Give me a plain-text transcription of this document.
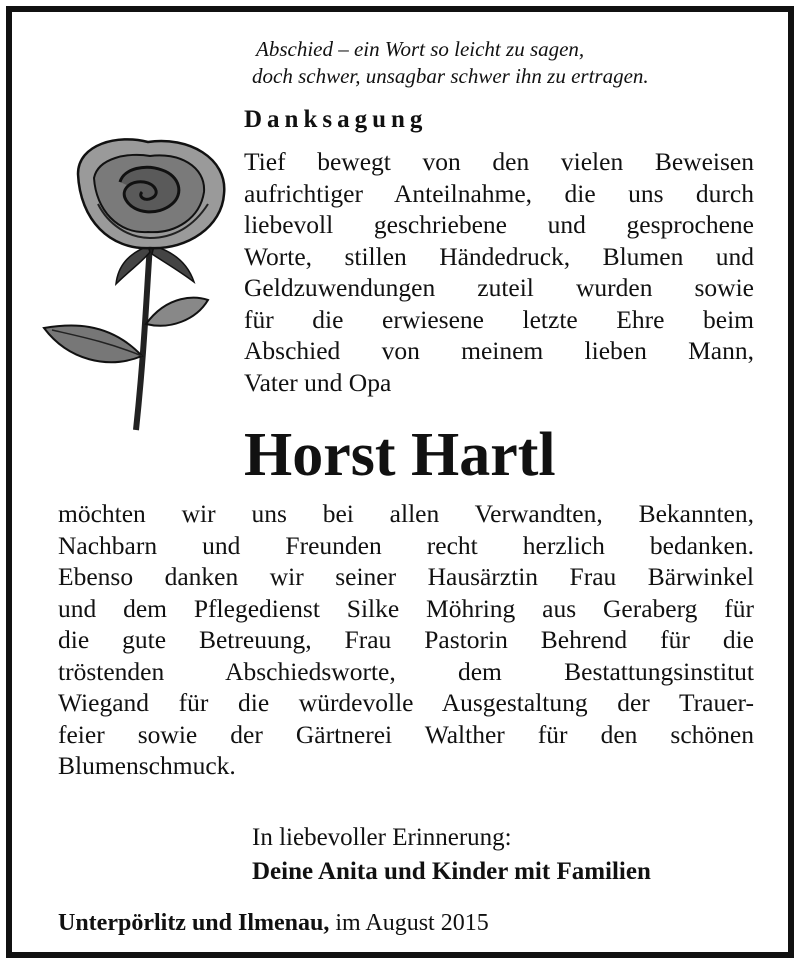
Abschied – ein Wort so leicht zu sagen,
doch schwer, unsagbar schwer ihn zu ertragen.
Danksagung
Tief bewegt von den vielen Beweisen
aufrichtiger Anteilnahme, die uns durch
liebevoll geschriebene und gesprochene
Worte, stillen Händedruck, Blumen und
Geldzuwendungen zuteil wurden sowie
für die erwiesene letzte Ehre beim
Abschied von meinem lieben Mann,
Vater und Opa
Horst Hartl
möchten wir uns bei allen Verwandten, Bekannten,
Nachbarn und Freunden recht herzlich bedanken.
Ebenso danken wir seiner Hausärztin Frau Bärwinkel
und dem Pflegedienst Silke Möhring aus Geraberg für
die gute Betreuung, Frau Pastorin Behrend für die
tröstenden Abschiedsworte, dem Bestattungsinstitut
Wiegand für die würdevolle Ausgestaltung der Trauer-
feier sowie der Gärtnerei Walther für den schönen
Blumenschmuck.
In liebevoller Erinnerung:
Deine Anita und Kinder mit Familien
Unterpörlitz und Ilmenau, im August 2015
